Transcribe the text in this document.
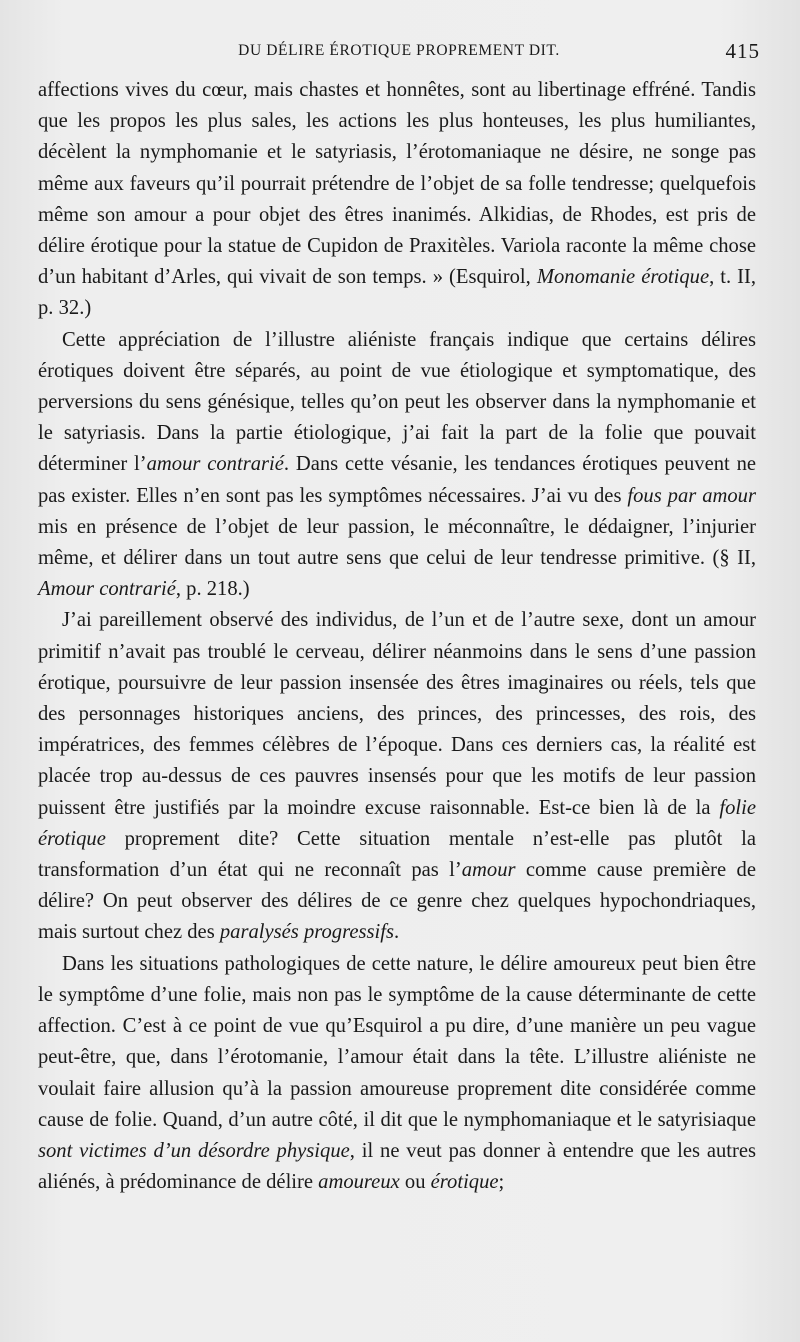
DU DÉLIRE ÉROTIQUE PROPREMENT DIT.	415

affections vives du cœur, mais chastes et honnêtes, sont au libertinage effréné. Tandis que les propos les plus sales, les actions les plus honteuses, les plus humiliantes, décèlent la nymphomanie et le satyriasis, l’érotomaniaque ne désire, ne songe pas même aux faveurs qu’il pourrait prétendre de l’objet de sa folle tendresse; quelquefois même son amour a pour objet des êtres inanimés. Alkidias, de Rhodes, est pris de délire érotique pour la statue de Cupidon de Praxitèles. Variola raconte la même chose d’un habitant d’Arles, qui vivait de son temps. » (Esquirol, Monomanie érotique, t. II, p. 32.)

Cette appréciation de l’illustre aliéniste français indique que certains délires érotiques doivent être séparés, au point de vue étiologique et symptomatique, des perversions du sens génésique, telles qu’on peut les observer dans la nymphomanie et le satyriasis. Dans la partie étiologique, j’ai fait la part de la folie que pouvait déterminer l’amour contrarié. Dans cette vésanie, les tendances érotiques peuvent ne pas exister. Elles n’en sont pas les symptômes nécessaires. J’ai vu des fous par amour mis en présence de l’objet de leur passion, le méconnaître, le dédaigner, l’injurier même, et délirer dans un tout autre sens que celui de leur tendresse primitive. (§ II, Amour contrarié, p. 218.)

J’ai pareillement observé des individus, de l’un et de l’autre sexe, dont un amour primitif n’avait pas troublé le cerveau, délirer néanmoins dans le sens d’une passion érotique, poursuivre de leur passion insensée des êtres imaginaires ou réels, tels que des personnages historiques anciens, des princes, des princesses, des rois, des impératrices, des femmes célèbres de l’époque. Dans ces derniers cas, la réalité est placée trop au-dessus de ces pauvres insensés pour que les motifs de leur passion puissent être justifiés par la moindre excuse raisonnable. Est-ce bien là de la folie érotique proprement dite? Cette situation mentale n’est-elle pas plutôt la transformation d’un état qui ne reconnaît pas l’amour comme cause première de délire? On peut observer des délires de ce genre chez quelques hypochondriaques, mais surtout chez des paralysés progressifs.

Dans les situations pathologiques de cette nature, le délire amoureux peut bien être le symptôme d’une folie, mais non pas le symptôme de la cause déterminante de cette affection. C’est à ce point de vue qu’Esquirol a pu dire, d’une manière un peu vague peut-être, que, dans l’érotomanie, l’amour était dans la tête. L’illustre aliéniste ne voulait faire allusion qu’à la passion amoureuse proprement dite considérée comme cause de folie. Quand, d’un autre côté, il dit que le nymphomaniaque et le satyrisiaque sont victimes d’un désordre physique, il ne veut pas donner à entendre que les autres aliénés, à prédominance de délire amoureux ou érotique;
